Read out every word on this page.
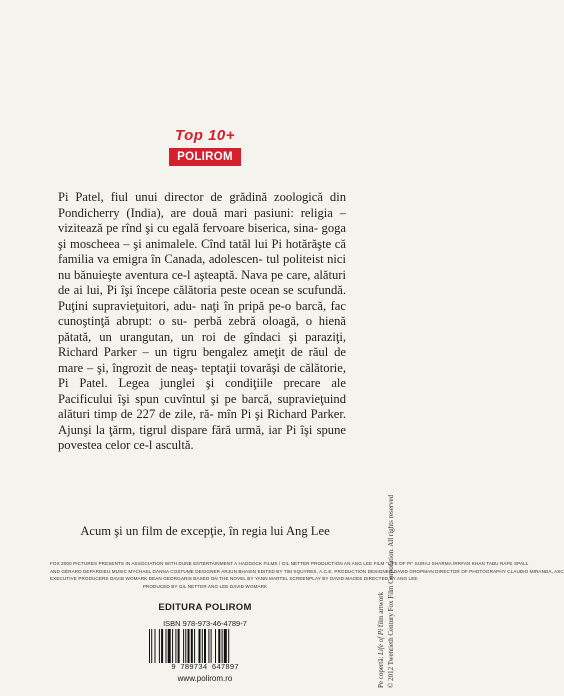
Top 10+
POLIROM
Pi Patel, fiul unui director de grădină zoologică din Pondicherry (India), are două mari pasiuni: religia – vizitează pe rînd şi cu egală fervoare biserica, sina- goga şi moscheea – şi animalele. Cînd tatăl lui Pi hotărăşte că familia va emigra în Canada, adolescen- tul politeist nici nu bănuieşte aventura ce-l aşteaptă. Nava pe care, alături de ai lui, Pi îşi începe călătoria peste ocean se scufundă. Puţini supravieţuitori, adu- naţi în pripă pe-o barcă, fac cunoştinţă abrupt: o su- perbă zebră oloagă, o hienă pătată, un urangutan, un roi de gîndaci şi paraziţi, Richard Parker – un tigru bengalez ameţit de răul de mare – şi, îngrozit de neaş- teptaţii tovarăşi de călătorie, Pi Patel. Legea junglei şi condiţiile precare ale Pacificului îşi spun cuvîntul şi pe barcă, supravieţuind alături timp de 227 de zile, ră- mîn Pi şi Richard Parker. Ajunşi la ţărm, tigrul dispare fără urmă, iar Pi îşi spune povestea celor ce-l ascultă.

Acum şi un film de excepţie, în regia lui Ang Lee

FOX 2000 PICTURES PRESENTS IN ASSOCIATION WITH DUNE ENTERTAINMENT A HADDOCK FILMS / GIL NETTER PRODUCTION AN ANG LEE FILM "LIFE OF PI" SURAJ SHARMA IRRFAN KHAN TABU RAFE SPALL
AND GÉRARD DEPARDIEU MUSIC MYCHAEL DANNA COSTUME DESIGNER ARJUN BHASIN EDITED BY TIM SQUYRES, A.C.E. PRODUCTION DESIGNER DAVID GROPMAN DIRECTOR OF PHOTOGRAPHY CLAUDIO MIRANDA, ASC
EXECUTIVE PRODUCERS DAVID WOMARK DEAN GEORGARIS BASED ON THE NOVEL BY YANN MARTEL SCREENPLAY BY DAVID MAGEE DIRECTED BY ANG LEE
PRODUCED BY GIL NETTER ANG LEE DAVID WOMARK
EDITURA POLIROM
ISBN 978-973-46-4789-7
9 789734 647897
www.polirom.ro	Pe copertă: Life of Pi film artwork © 2012 Twentieth Century Fox Film Corporation. All rights reserved
